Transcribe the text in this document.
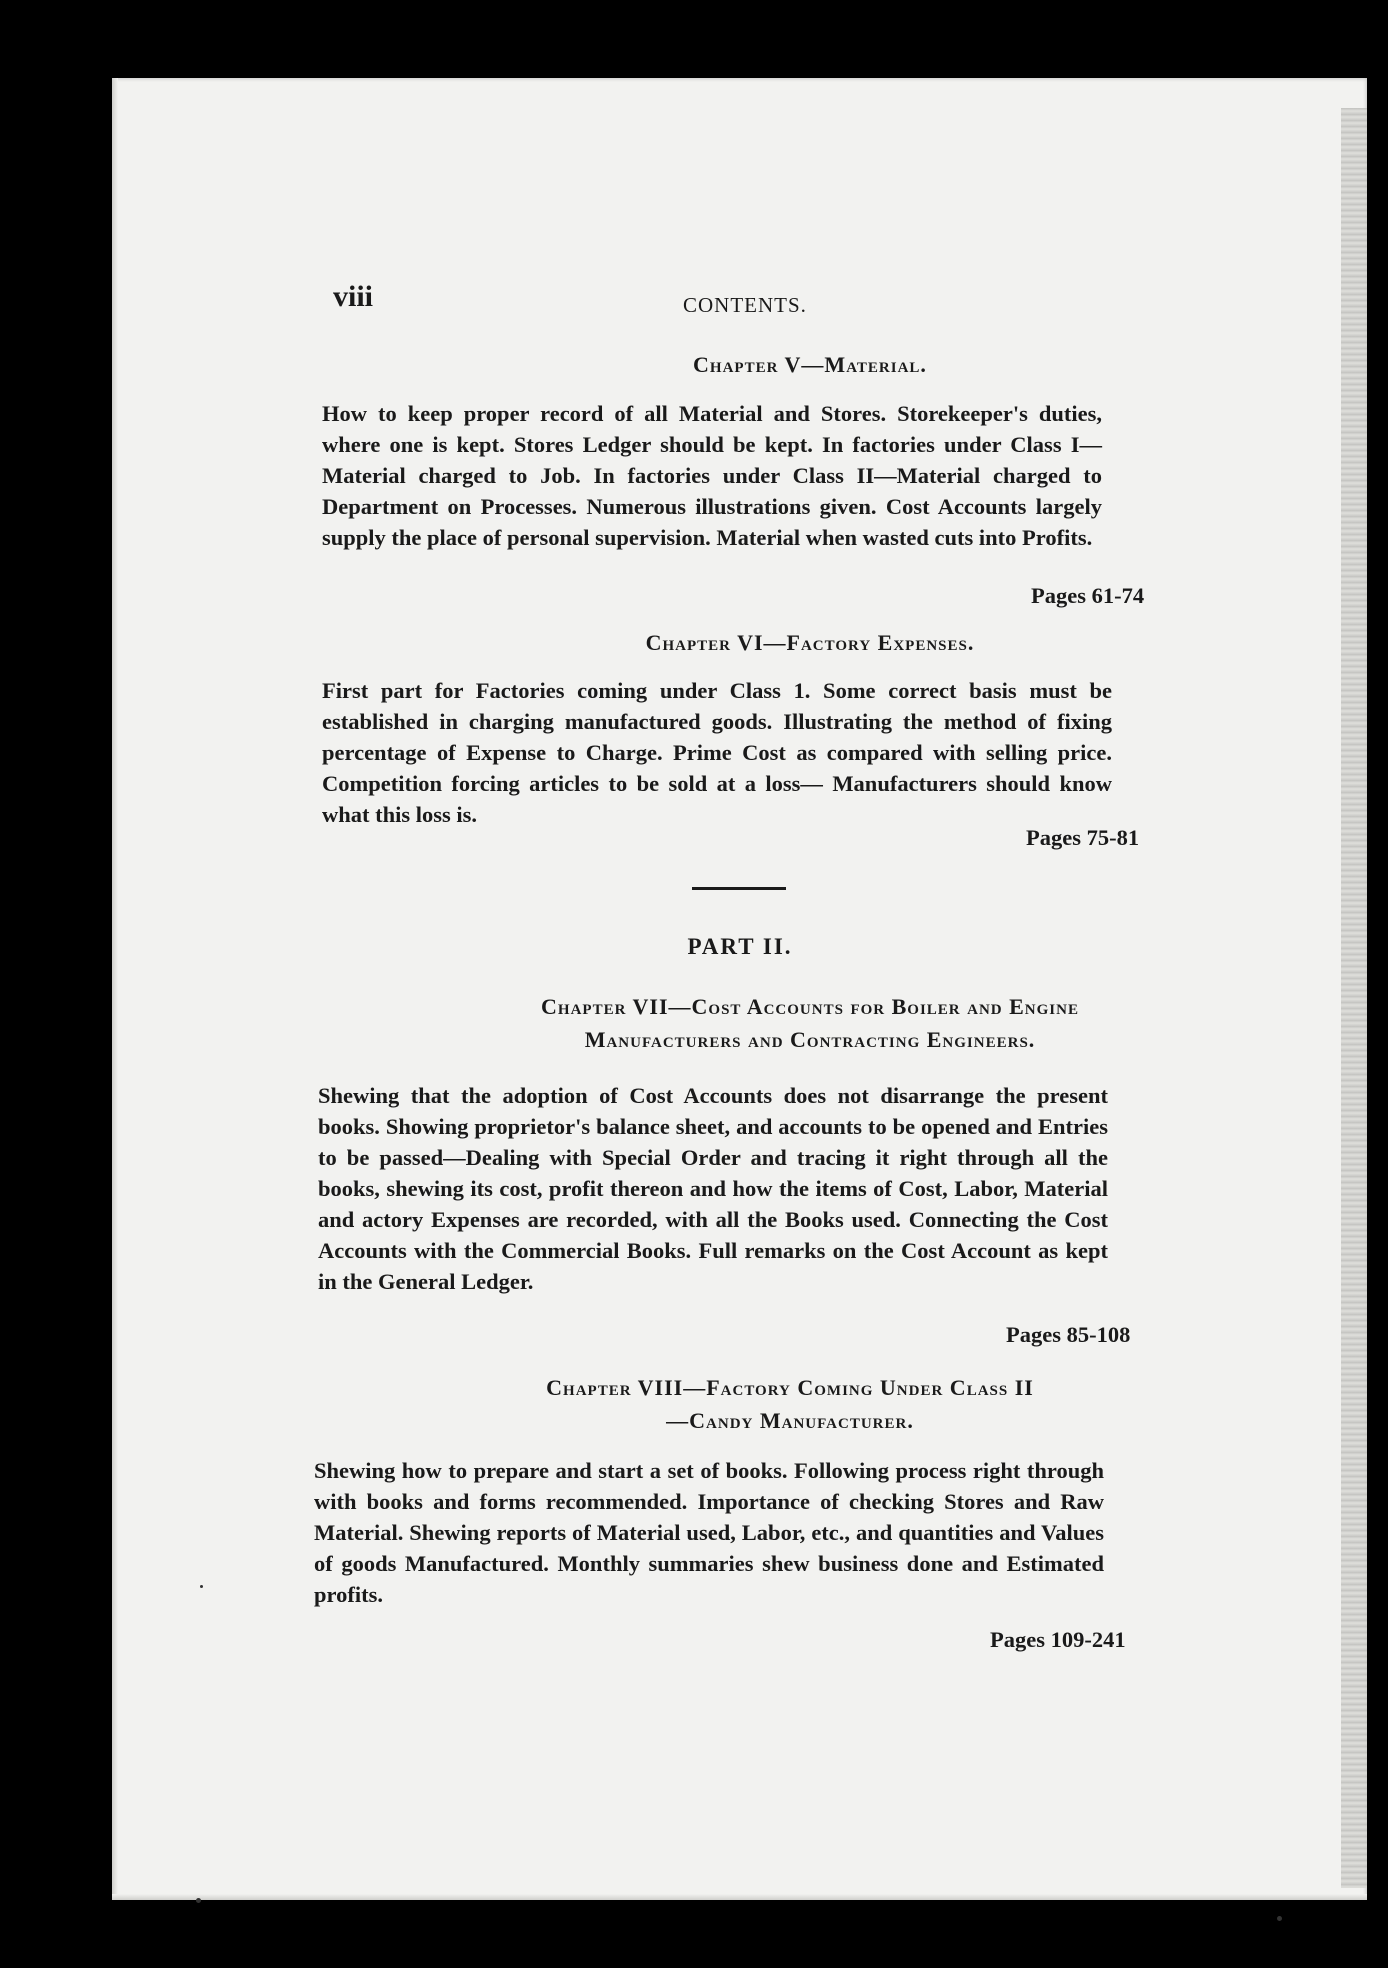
viii	CONTENTS.
Chapter V—Material.
How to keep proper record of all Material and Stores. Storekeeper's duties, where one is kept. Stores Ledger should be kept. In factories under Class I—Material charged to Job. In factories under Class II—Material charged to Department on Processes. Numerous illustrations given. Cost Accounts largely supply the place of personal supervision. Material when wasted cuts into Profits.
Pages 61-74
Chapter VI—Factory Expenses.
First part for Factories coming under Class 1. Some correct basis must be established in charging manufactured goods. Illustrating the method of fixing percentage of Expense to Charge. Prime Cost as compared with selling price. Competition forcing articles to be sold at a loss— Manufacturers should know what this loss is.
Pages 75-81
PART II.
Chapter VII—Cost Accounts for Boiler and Engine
Manufacturers and Contracting Engineers.
Shewing that the adoption of Cost Accounts does not disarrange the present books. Showing proprietor's balance sheet, and accounts to be opened and Entries to be passed—Dealing with Special Order and tracing it right through all the books, shewing its cost, profit thereon and how the items of Cost, Labor, Material and actory Expenses are recorded, with all the Books used. Connecting the Cost Accounts with the Commercial Books. Full remarks on the Cost Account as kept in the General Ledger.
Pages 85-108
Chapter VIII—Factory Coming Under Class II
—Candy Manufacturer.
Shewing how to prepare and start a set of books. Following process right through with books and forms recommended. Importance of checking Stores and Raw Material. Shewing reports of Material used, Labor, etc., and quantities and Values of goods Manufactured. Monthly summaries shew business done and Estimated profits.
Pages 109-241
